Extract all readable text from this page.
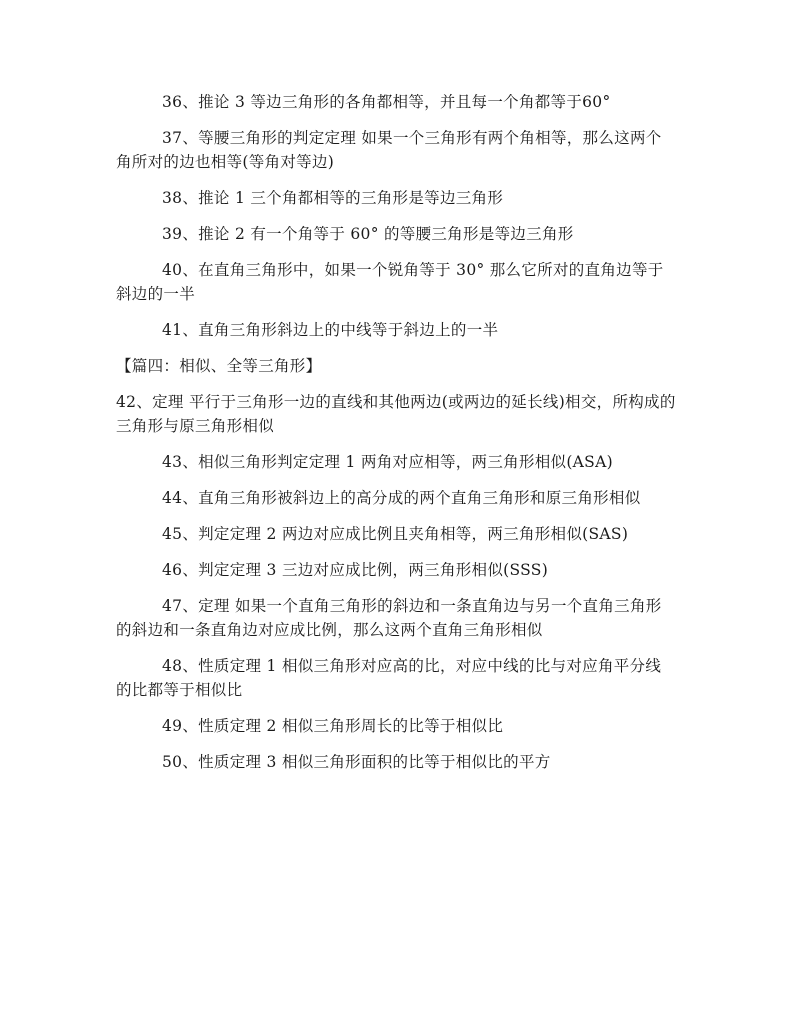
36、推论 3 等边三角形的各角都相等，并且每一个角都等于60°

37、等腰三角形的判定定理 如果一个三角形有两个角相等，那么这两个角所对的边也相等(等角对等边)

38、推论 1 三个角都相等的三角形是等边三角形

39、推论 2 有一个角等于 60° 的等腰三角形是等边三角形

40、在直角三角形中，如果一个锐角等于 30° 那么它所对的直角边等于斜边的一半

41、直角三角形斜边上的中线等于斜边上的一半

【篇四：相似、全等三角形】

42、定理 平行于三角形一边的直线和其他两边(或两边的延长线)相交，所构成的三角形与原三角形相似

43、相似三角形判定定理 1 两角对应相等，两三角形相似(ASA)

44、直角三角形被斜边上的高分成的两个直角三角形和原三角形相似

45、判定定理 2 两边对应成比例且夹角相等，两三角形相似(SAS)

46、判定定理 3 三边对应成比例，两三角形相似(SSS)

47、定理 如果一个直角三角形的斜边和一条直角边与另一个直角三角形的斜边和一条直角边对应成比例，那么这两个直角三角形相似

48、性质定理 1 相似三角形对应高的比，对应中线的比与对应角平分线的比都等于相似比

49、性质定理 2 相似三角形周长的比等于相似比

50、性质定理 3 相似三角形面积的比等于相似比的平方
